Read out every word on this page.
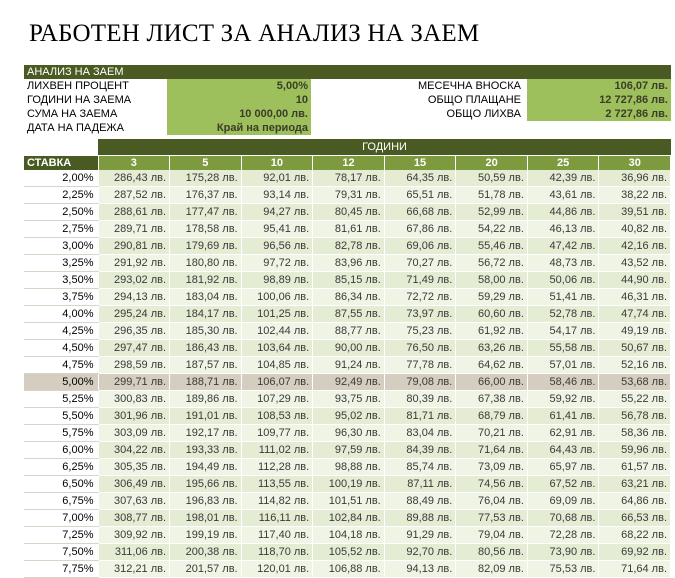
РАБОТЕН ЛИСТ ЗА АНАЛИЗ НА ЗАЕМ
АНАЛИЗ НА ЗАЕМ
ЛИХВЕН ПРОЦЕНТ	5,00%	МЕСЕЧНА ВНОСКА	106,07 лв.
ГОДИНИ НА ЗАЕМА	10	ОБЩО ПЛАЩАНЕ	12 727,86 лв.
СУМА НА ЗАЕМА	10 000,00 лв.	ОБЩО ЛИХВА	2 727,86 лв.
ДАТА НА ПАДЕЖА	Край на периода
ГОДИНИ
СТАВКА	3	5	10	12	15	20	25	30
2,00%	286,43 лв.	175,28 лв.	92,01 лв.	78,17 лв.	64,35 лв.	50,59 лв.	42,39 лв.	36,96 лв.
2,25%	287,52 лв.	176,37 лв.	93,14 лв.	79,31 лв.	65,51 лв.	51,78 лв.	43,61 лв.	38,22 лв.
2,50%	288,61 лв.	177,47 лв.	94,27 лв.	80,45 лв.	66,68 лв.	52,99 лв.	44,86 лв.	39,51 лв.
2,75%	289,71 лв.	178,58 лв.	95,41 лв.	81,61 лв.	67,86 лв.	54,22 лв.	46,13 лв.	40,82 лв.
3,00%	290,81 лв.	179,69 лв.	96,56 лв.	82,78 лв.	69,06 лв.	55,46 лв.	47,42 лв.	42,16 лв.
3,25%	291,92 лв.	180,80 лв.	97,72 лв.	83,96 лв.	70,27 лв.	56,72 лв.	48,73 лв.	43,52 лв.
3,50%	293,02 лв.	181,92 лв.	98,89 лв.	85,15 лв.	71,49 лв.	58,00 лв.	50,06 лв.	44,90 лв.
3,75%	294,13 лв.	183,04 лв.	100,06 лв.	86,34 лв.	72,72 лв.	59,29 лв.	51,41 лв.	46,31 лв.
4,00%	295,24 лв.	184,17 лв.	101,25 лв.	87,55 лв.	73,97 лв.	60,60 лв.	52,78 лв.	47,74 лв.
4,25%	296,35 лв.	185,30 лв.	102,44 лв.	88,77 лв.	75,23 лв.	61,92 лв.	54,17 лв.	49,19 лв.
4,50%	297,47 лв.	186,43 лв.	103,64 лв.	90,00 лв.	76,50 лв.	63,26 лв.	55,58 лв.	50,67 лв.
4,75%	298,59 лв.	187,57 лв.	104,85 лв.	91,24 лв.	77,78 лв.	64,62 лв.	57,01 лв.	52,16 лв.
5,00%	299,71 лв.	188,71 лв.	106,07 лв.	92,49 лв.	79,08 лв.	66,00 лв.	58,46 лв.	53,68 лв.
5,25%	300,83 лв.	189,86 лв.	107,29 лв.	93,75 лв.	80,39 лв.	67,38 лв.	59,92 лв.	55,22 лв.
5,50%	301,96 лв.	191,01 лв.	108,53 лв.	95,02 лв.	81,71 лв.	68,79 лв.	61,41 лв.	56,78 лв.
5,75%	303,09 лв.	192,17 лв.	109,77 лв.	96,30 лв.	83,04 лв.	70,21 лв.	62,91 лв.	58,36 лв.
6,00%	304,22 лв.	193,33 лв.	111,02 лв.	97,59 лв.	84,39 лв.	71,64 лв.	64,43 лв.	59,96 лв.
6,25%	305,35 лв.	194,49 лв.	112,28 лв.	98,88 лв.	85,74 лв.	73,09 лв.	65,97 лв.	61,57 лв.
6,50%	306,49 лв.	195,66 лв.	113,55 лв.	100,19 лв.	87,11 лв.	74,56 лв.	67,52 лв.	63,21 лв.
6,75%	307,63 лв.	196,83 лв.	114,82 лв.	101,51 лв.	88,49 лв.	76,04 лв.	69,09 лв.	64,86 лв.
7,00%	308,77 лв.	198,01 лв.	116,11 лв.	102,84 лв.	89,88 лв.	77,53 лв.	70,68 лв.	66,53 лв.
7,25%	309,92 лв.	199,19 лв.	117,40 лв.	104,18 лв.	91,29 лв.	79,04 лв.	72,28 лв.	68,22 лв.
7,50%	311,06 лв.	200,38 лв.	118,70 лв.	105,52 лв.	92,70 лв.	80,56 лв.	73,90 лв.	69,92 лв.
7,75%	312,21 лв.	201,57 лв.	120,01 лв.	106,88 лв.	94,13 лв.	82,09 лв.	75,53 лв.	71,64 лв.
